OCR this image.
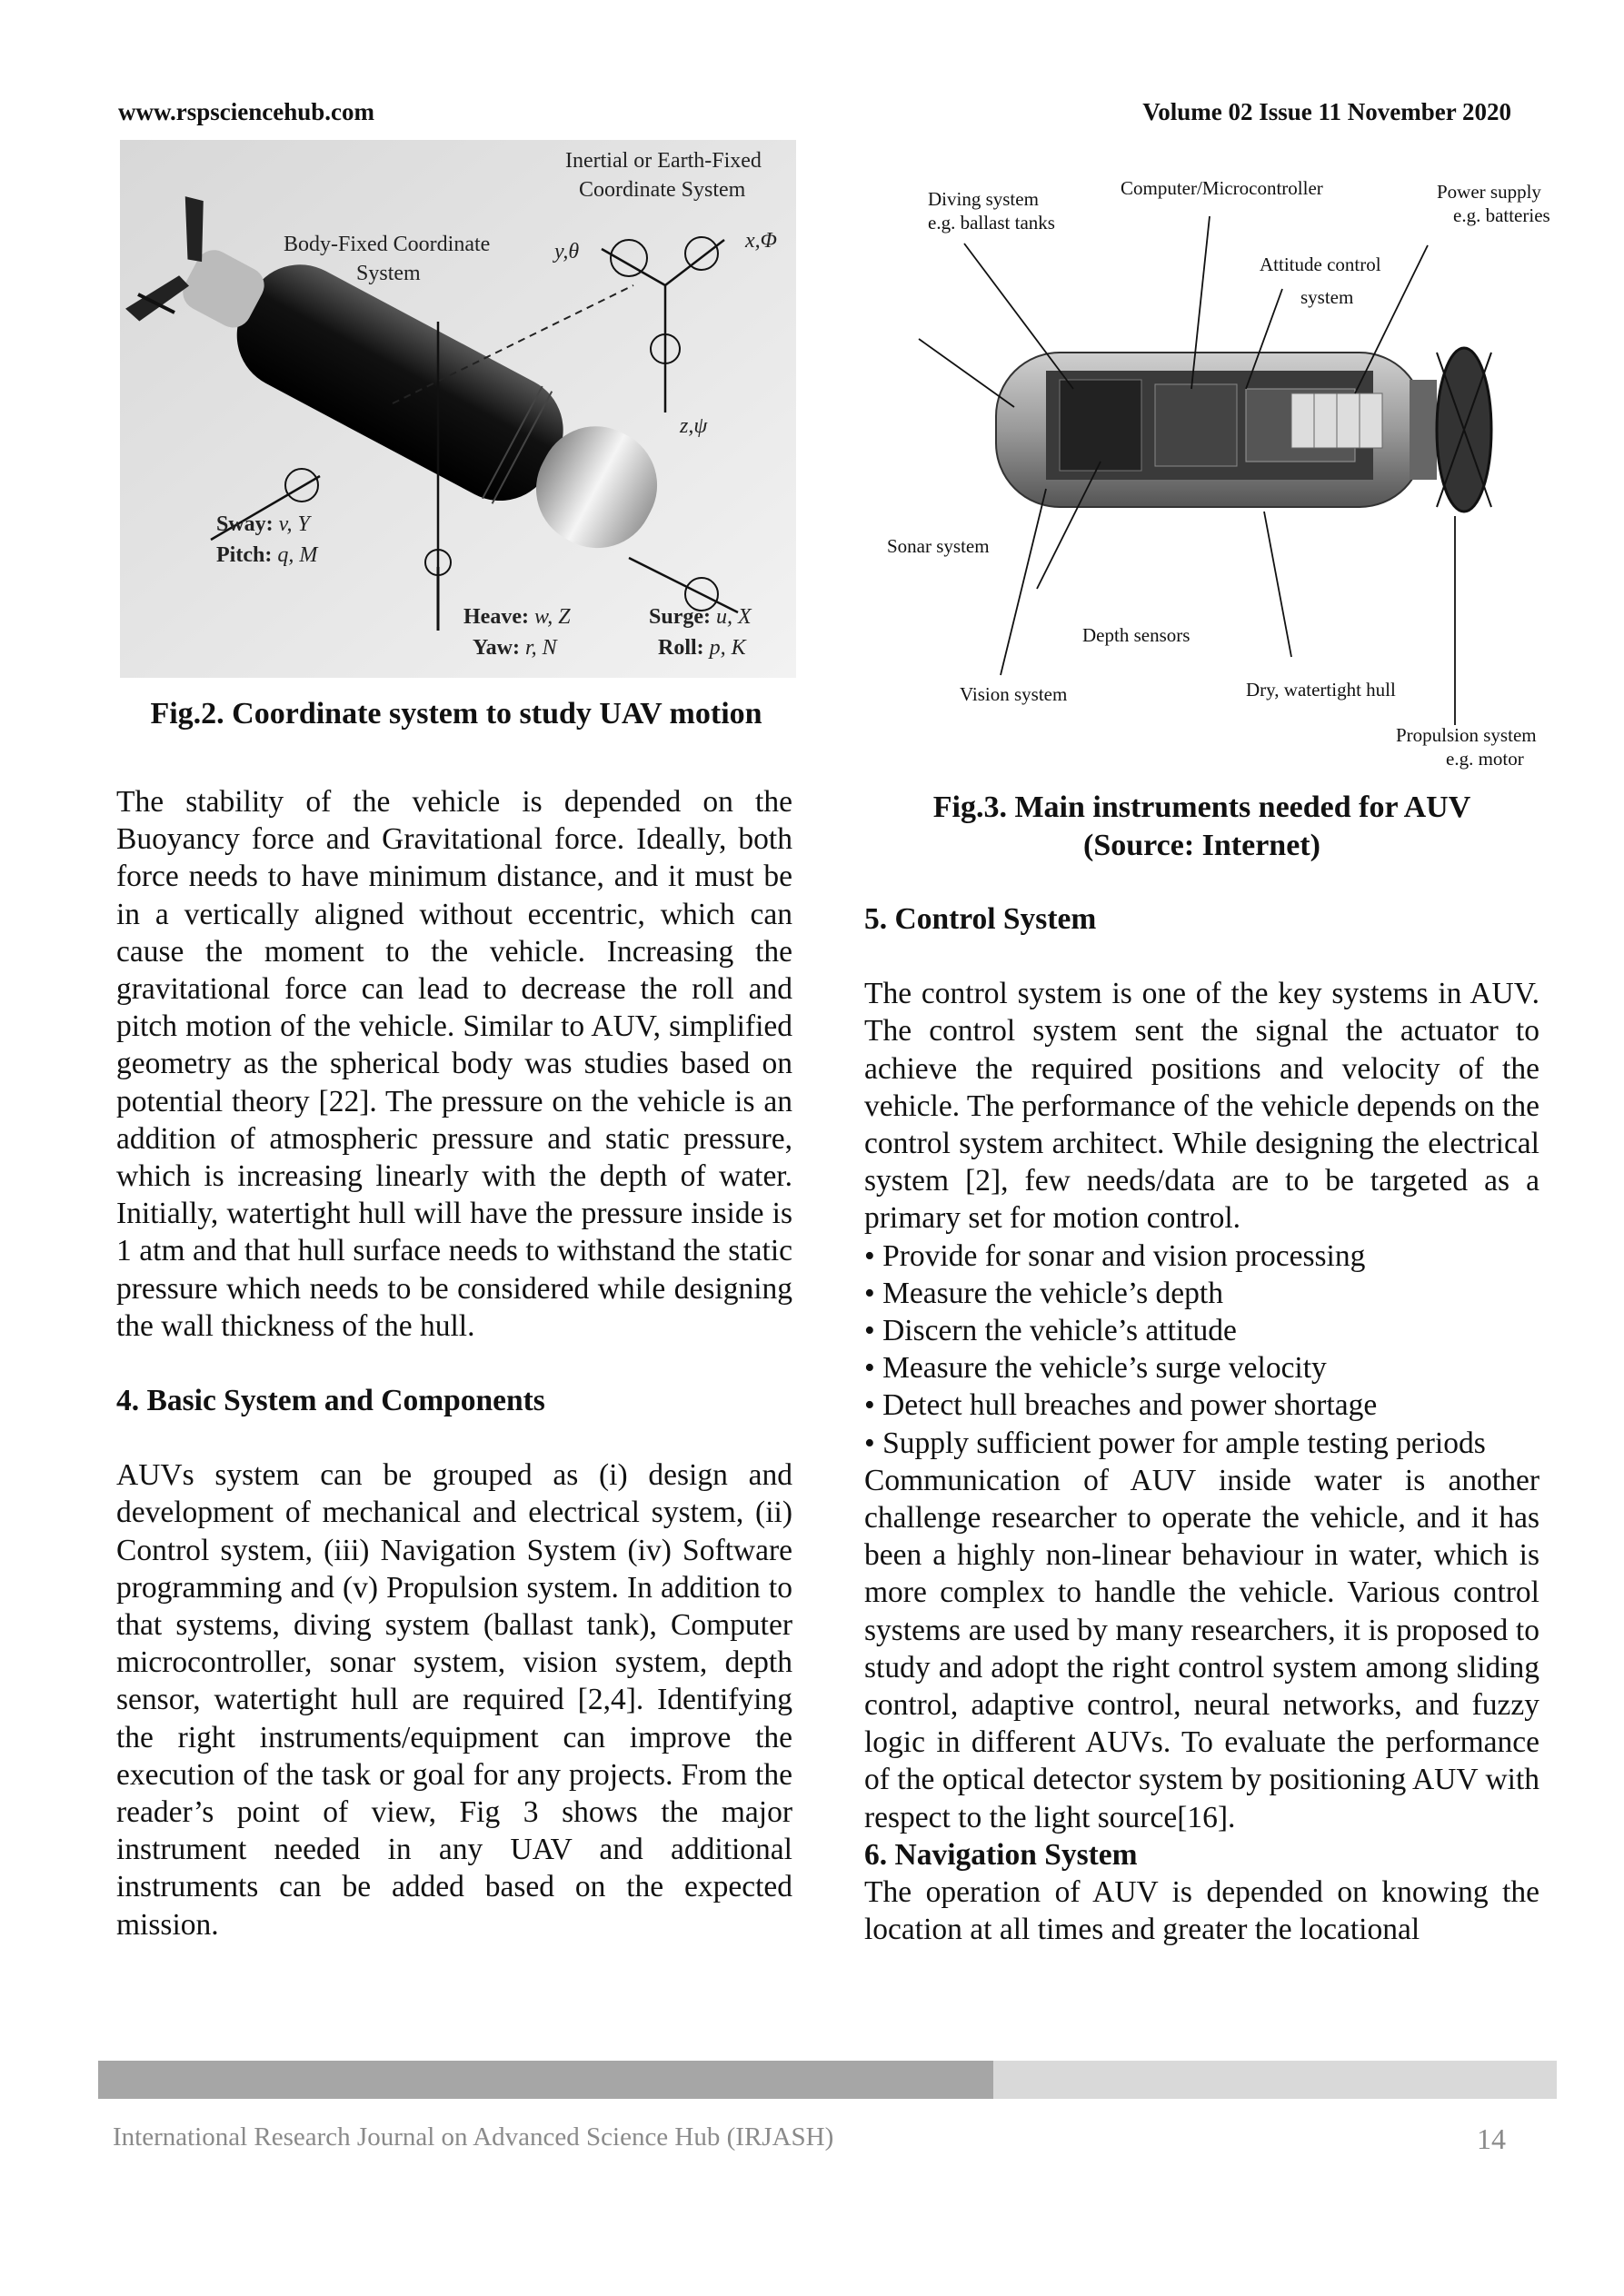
www.rspsciencehub.com	Volume 02 Issue 11 November 2020
Inertial or Earth-Fixed
Coordinate System
Body-Fixed Coordinate
System
y,θ	x,Φ
z,ψ
Sway: v, Y
Pitch: q, M
Heave: w, Z
Yaw: r, N
Surge: u, X
Roll: p, K
Fig.2. Coordinate system to study UAV motion
Diving system
e.g. ballast tanks
Computer/Microcontroller	Power supply
e.g. batteries
Attitude control
system
Sonar system
Depth sensors
Vision system	Dry, watertight hull
Propulsion system
e.g. motor
Fig.3. Main instruments needed for AUV
(Source: Internet)

The stability of the vehicle is depended on the Buoyancy force and Gravitational force. Ideally, both force needs to have minimum distance, and it must be in a vertically aligned without eccentric, which can cause the moment to the vehicle. Increasing the gravitational force can lead to decrease the roll and pitch motion of the vehicle. Similar to AUV, simplified geometry as the spherical body was studies based on potential theory [22]. The pressure on the vehicle is an addition of atmospheric pressure and static pressure, which is increasing linearly with the depth of water. Initially, watertight hull will have the pressure inside is 1 atm and that hull surface needs to withstand the static pressure which needs to be considered while designing the wall thickness of the hull.

4. Basic System and Components

AUVs system can be grouped as (i) design and development of mechanical and electrical system, (ii) Control system, (iii) Navigation System (iv) Software programming and (v) Propulsion system. In addition to that systems, diving system (ballast tank), Computer microcontroller, sonar system, vision system, depth sensor, watertight hull are required [2,4]. Identifying the right instruments/equipment can improve the execution of the task or goal for any projects. From the reader’s point of view, Fig 3 shows the major instrument needed in any UAV and additional instruments can be added based on the expected mission.

5. Control System

The control system is one of the key systems in AUV. The control system sent the signal the actuator to achieve the required positions and velocity of the vehicle. The performance of the vehicle depends on the control system architect. While designing the electrical system [2], few needs/data are to be targeted as a primary set for motion control.

• Provide for sonar and vision processing
• Measure the vehicle’s depth
• Discern the vehicle’s attitude
• Measure the vehicle’s surge velocity
• Detect hull breaches and power shortage
• Supply sufficient power for ample testing periods

Communication of AUV inside water is another challenge researcher to operate the vehicle, and it has been a highly non-linear behaviour in water, which is more complex to handle the vehicle. Various control systems are used by many researchers, it is proposed to study and adopt the right control system among sliding control, adaptive control, neural networks, and fuzzy logic in different AUVs. To evaluate the performance of the optical detector system by positioning AUV with respect to the light source[16].

6. Navigation System

The operation of AUV is depended on knowing the location at all times and greater the locational

International Research Journal on Advanced Science Hub (IRJASH)	14
